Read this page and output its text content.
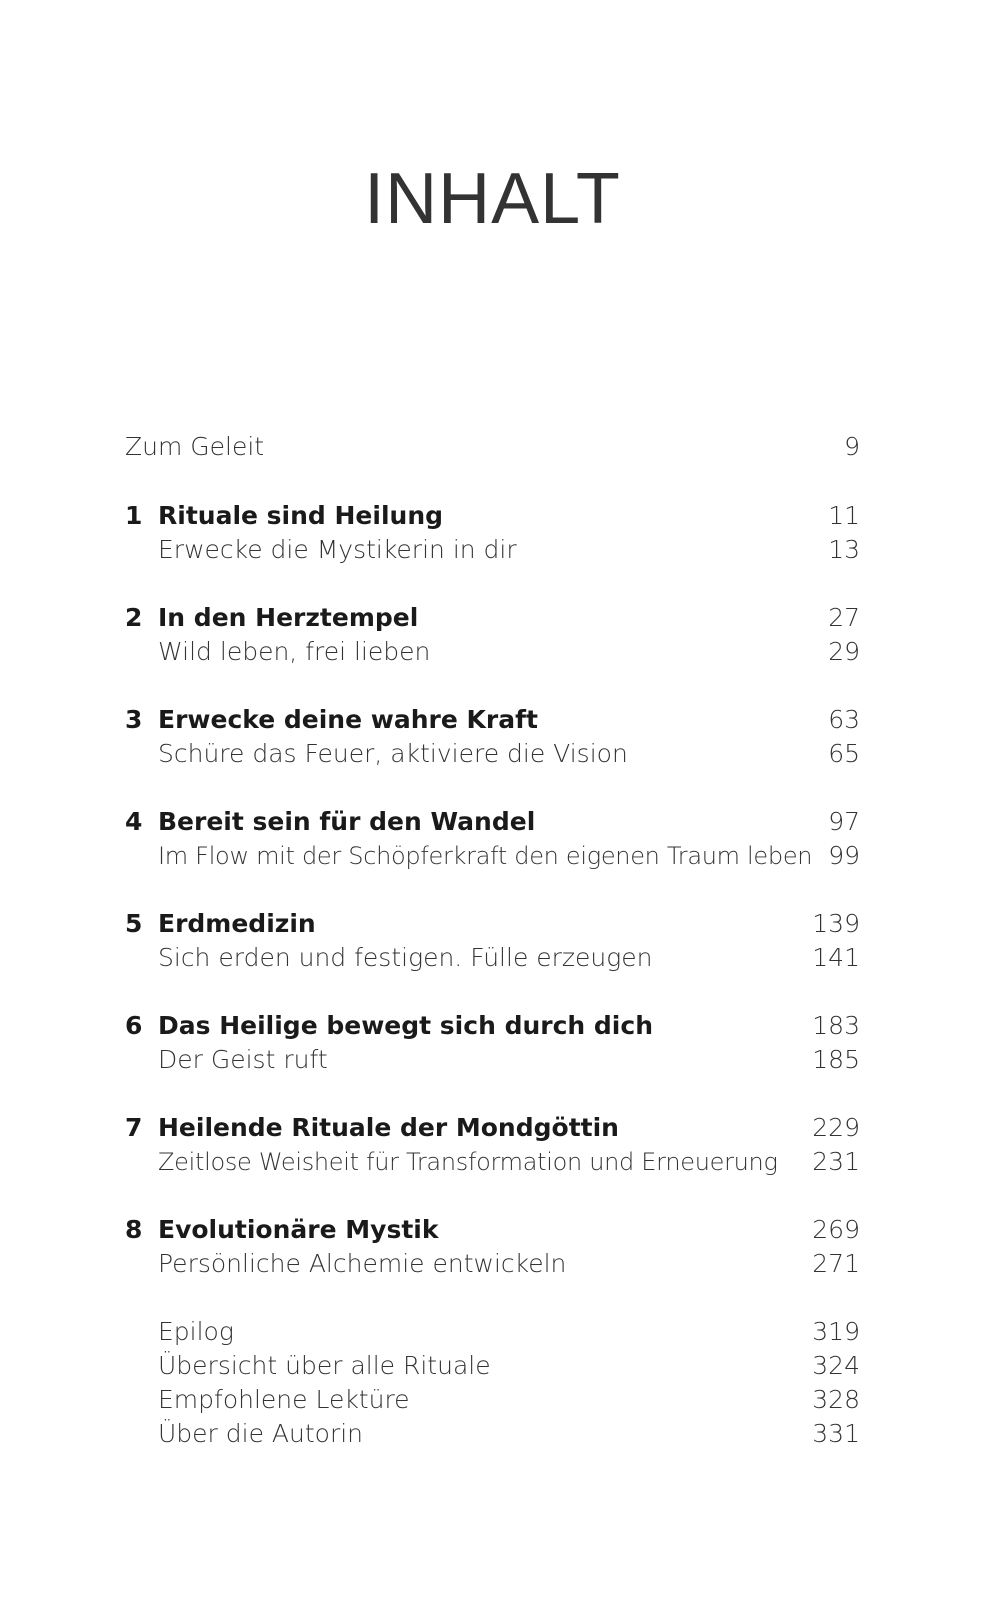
INHALT
Zum Geleit	9
1 Rituale sind Heilung	11
Erwecke die Mystikerin in dir	13
2 In den Herztempel	27
Wild leben, frei lieben	29
3 Erwecke deine wahre Kraft	63
Schüre das Feuer, aktiviere die Vision	65
4 Bereit sein für den Wandel	97
Im Flow mit der Schöpferkraft den eigenen Traum leben 99
5 Erdmedizin	139
Sich erden und festigen. Fülle erzeugen	141
6 Das Heilige bewegt sich durch dich	183
Der Geist ruft	185
7 Heilende Rituale der Mondgöttin	229
Zeitlose Weisheit für Transformation und Erneuerung 231
8 Evolutionäre Mystik	269
Persönliche Alchemie entwickeln	271
Epilog	319
Übersicht über alle Rituale	324
Empfohlene Lektüre	328
Über die Autorin	331
